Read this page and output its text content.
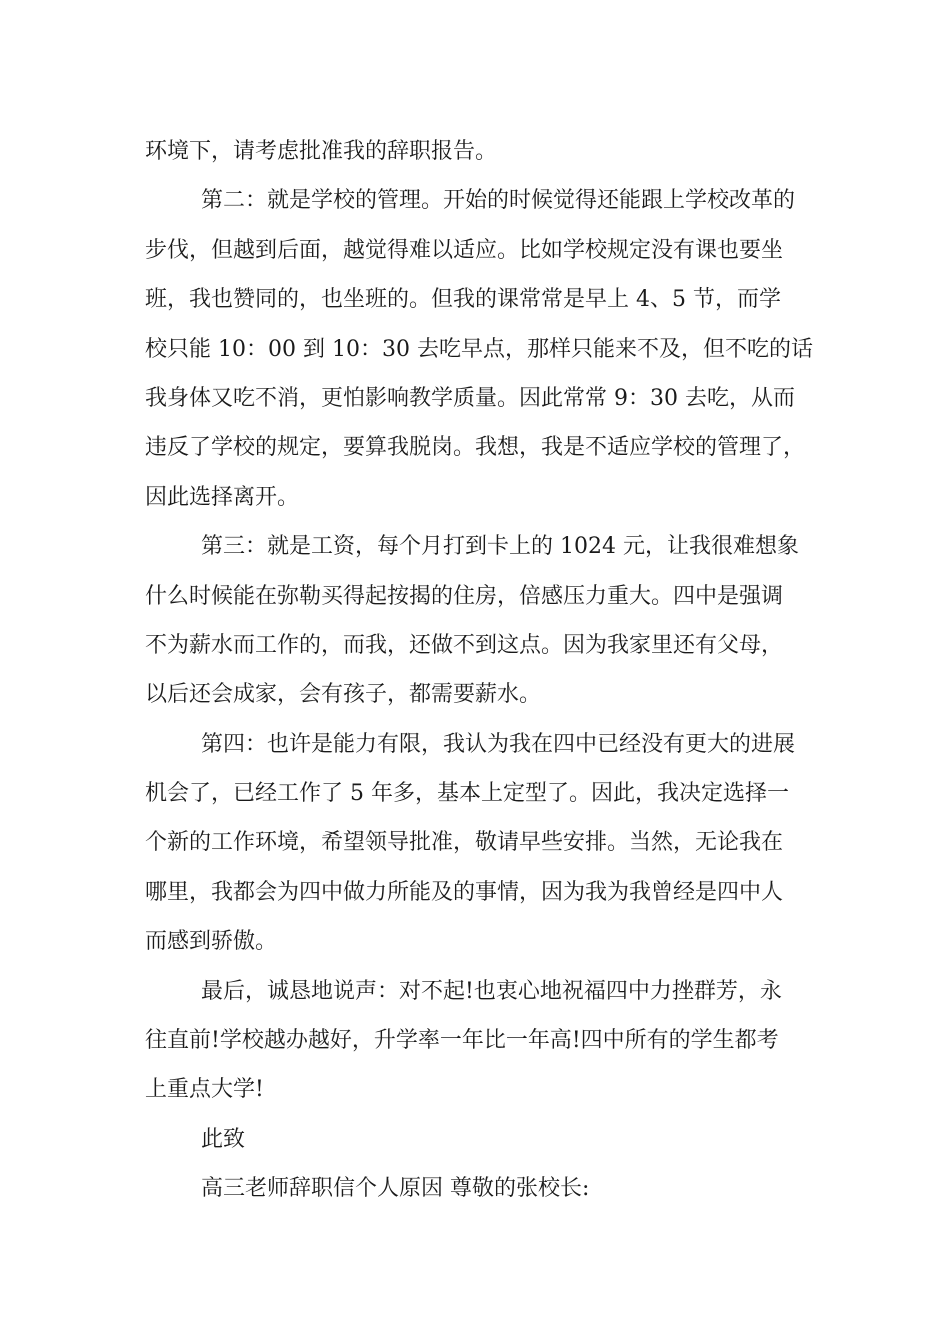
环境下，请考虑批准我的辞职报告。
第二：就是学校的管理。开始的时候觉得还能跟上学校改革的
步伐，但越到后面，越觉得难以适应。比如学校规定没有课也要坐
班，我也赞同的，也坐班的。但我的课常常是早上 4、5 节，而学
校只能 10：00 到 10：30 去吃早点，那样只能来不及，但不吃的话
我身体又吃不消，更怕影响教学质量。因此常常 9：30 去吃，从而
违反了学校的规定，要算我脱岗。我想，我是不适应学校的管理了，
因此选择离开。
第三：就是工资，每个月打到卡上的 1024 元，让我很难想象
什么时候能在弥勒买得起按揭的住房，倍感压力重大。四中是强调
不为薪水而工作的，而我，还做不到这点。因为我家里还有父母，
以后还会成家，会有孩子，都需要薪水。
第四：也许是能力有限，我认为我在四中已经没有更大的进展
机会了，已经工作了 5 年多，基本上定型了。因此，我决定选择一
个新的工作环境，希望领导批准，敬请早些安排。当然，无论我在
哪里，我都会为四中做力所能及的事情，因为我为我曾经是四中人
而感到骄傲。
最后，诚恳地说声：对不起!也衷心地祝福四中力挫群芳，永
往直前!学校越办越好，升学率一年比一年高!四中所有的学生都考
上重点大学!
此致
高三老师辞职信个人原因 尊敬的张校长:
